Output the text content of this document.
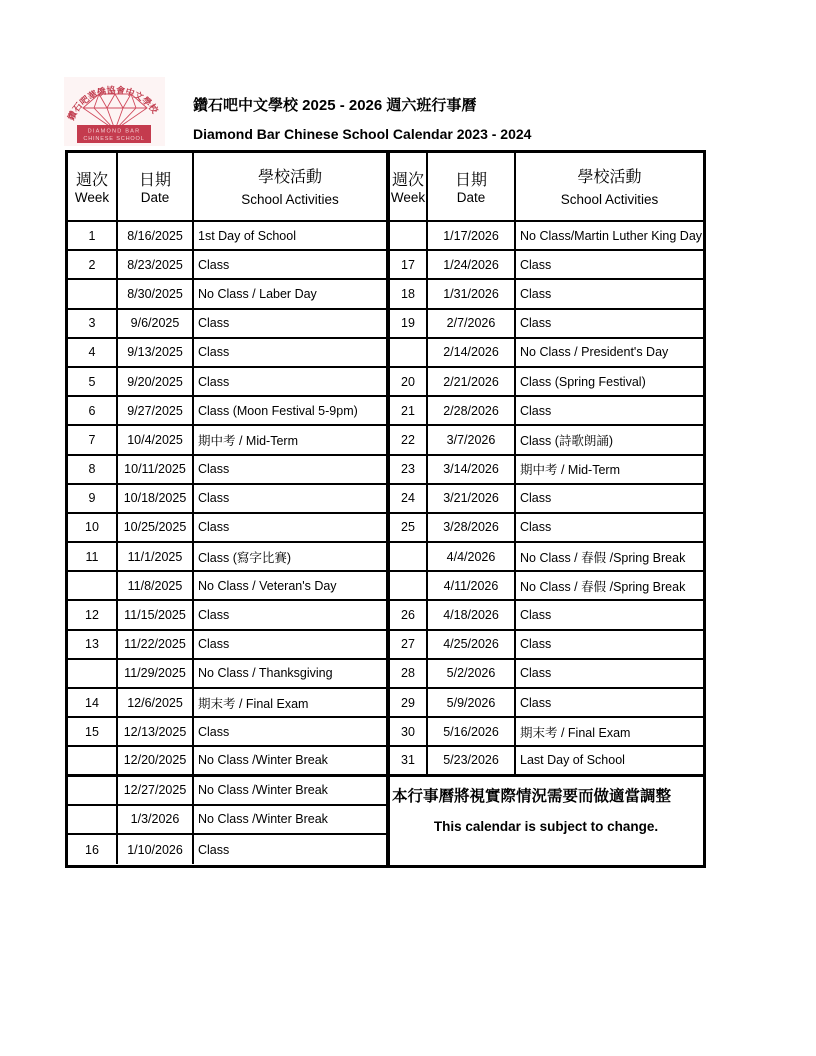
鑽石吧華僑協會中文學校
DIAMOND BAR
CHINESE SCHOOL
鑽石吧中文學校 2025 - 2026 週六班行事曆
Diamond Bar Chinese School Calendar 2023 - 2024
週次
Week
日期
Date
學校活動
School Activities
1	8/16/2025	1st Day of School
2	8/23/2025	Class
8/30/2025	No Class / Laber Day
3	9/6/2025	Class
4	9/13/2025	Class
5	9/20/2025	Class
6	9/27/2025	Class (Moon Festival 5-9pm)
7	10/4/2025	期中考 / Mid-Term
8	10/11/2025 Class
9	10/18/2025 Class
10	10/25/2025 Class
11	11/1/2025	Class (寫字比賽)
11/8/2025	No Class / Veteran's Day
12	11/15/2025 Class
13	11/22/2025 Class
11/29/2025 No Class / Thanksgiving
14	12/6/2025	期末考 / Final Exam
15	12/13/2025 Class
12/20/2025 No Class /Winter Break
12/27/2025 No Class /Winter Break
1/3/2026	No Class /Winter Break
16	1/10/2026	Class
週次
Week
日期
Date
學校活動
School Activities
1/17/2026	No Class/Martin Luther King Day
17	1/24/2026	Class
18	1/31/2026	Class
19	2/7/2026	Class
2/14/2026	No Class / President's Day
20	2/21/2026	Class (Spring Festival)
21	2/28/2026	Class
22	3/7/2026	Class (詩歌朗誦)
23	3/14/2026	期中考 / Mid-Term
24	3/21/2026	Class
25	3/28/2026	Class
4/4/2026	No Class / 春假 /Spring Break
4/11/2026	No Class / 春假 /Spring Break
26	4/18/2026	Class
27	4/25/2026	Class
28	5/2/2026	Class
29	5/9/2026	Class
30	5/16/2026	期末考 / Final Exam
31	5/23/2026	Last Day of School
本行事曆將視實際情況需要而做適當調整
This calendar is subject to change.
